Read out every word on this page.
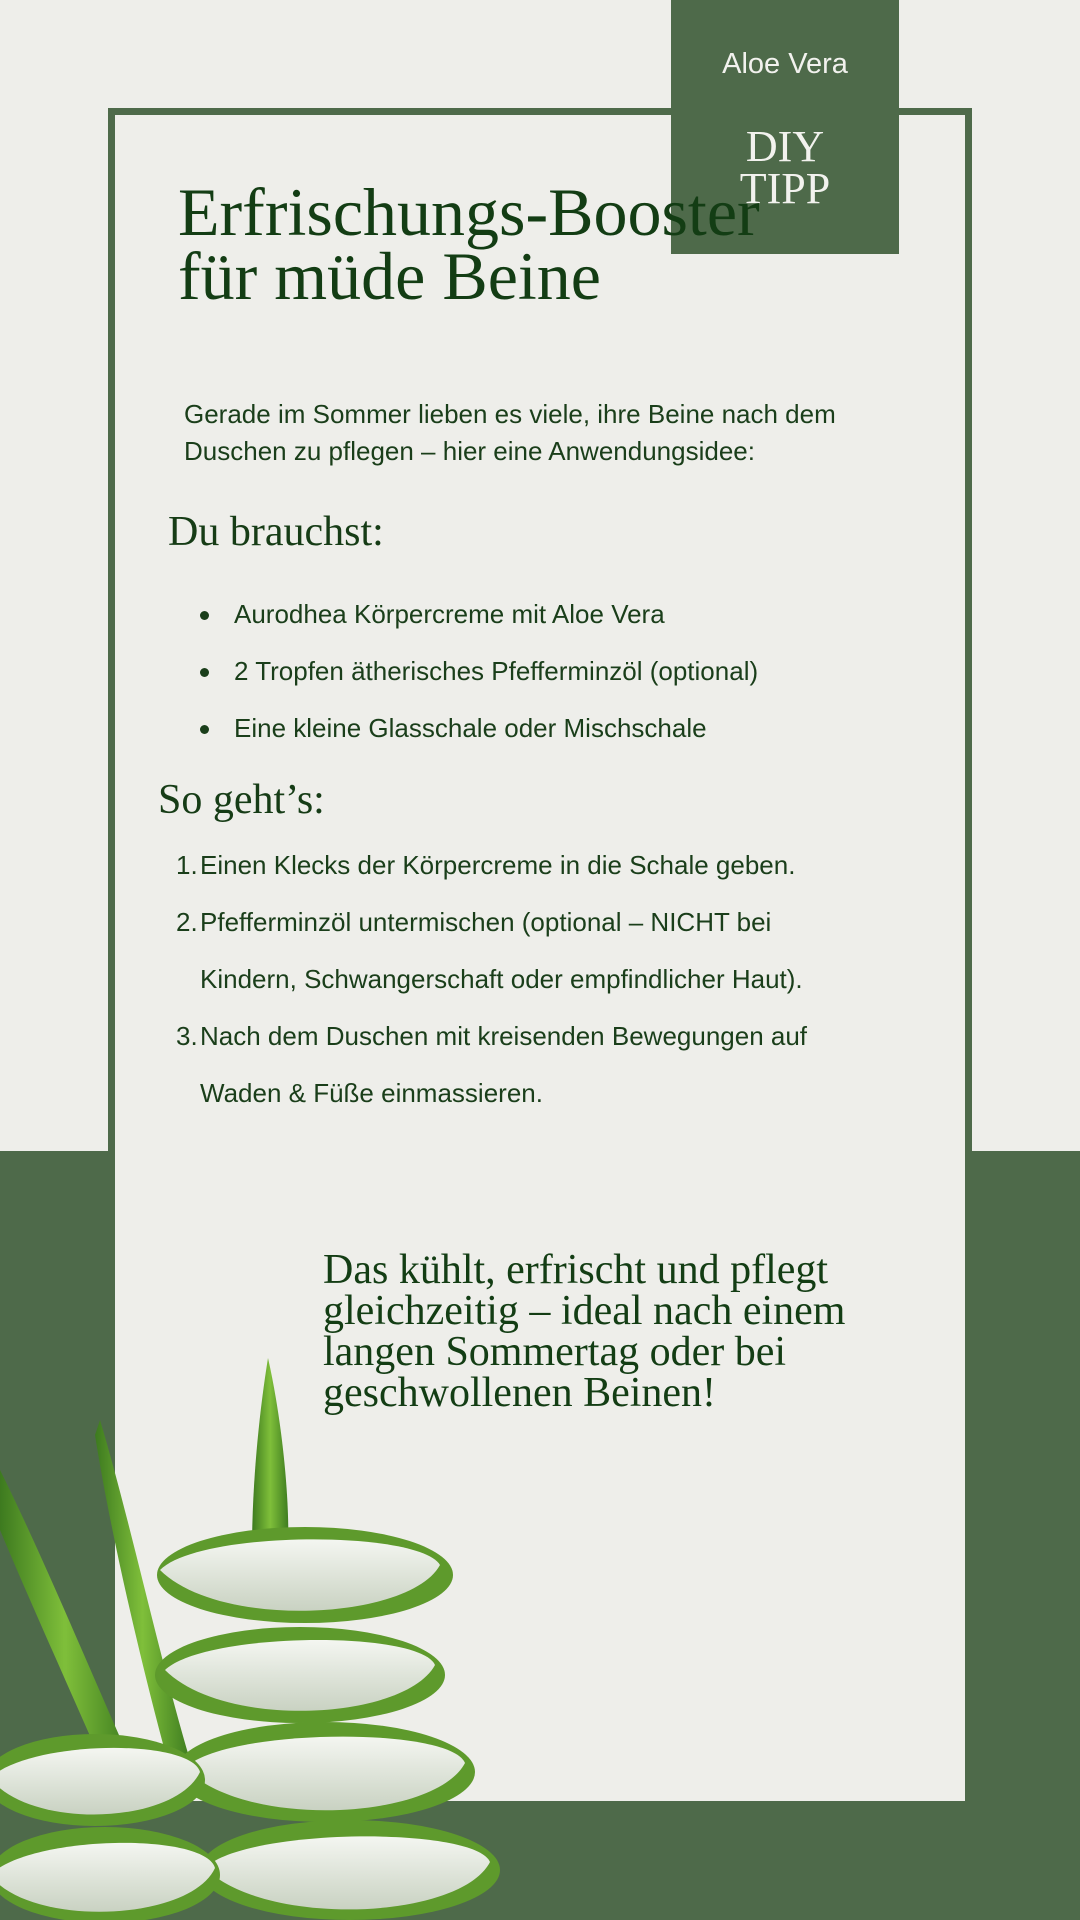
Aloe Vera
DIY
TIPP
Erfrischungs-Booster für müde Beine
Gerade im Sommer lieben es viele, ihre Beine nach dem Duschen zu pflegen – hier eine Anwendungsidee:
Du brauchst:
Aurodhea Körpercreme mit Aloe Vera
2 Tropfen ätherisches Pfefferminzöl (optional)
Eine kleine Glasschale oder Mischschale
So geht’s:
1. Einen Klecks der Körpercreme in die Schale geben.
2. Pfefferminzöl untermischen (optional – NICHT bei Kindern, Schwangerschaft oder empfindlicher Haut).
3. Nach dem Duschen mit kreisenden Bewegungen auf Waden & Füße einmassieren.
Das kühlt, erfrischt und pflegt gleichzeitig – ideal nach einem langen Sommertag oder bei geschwollenen Beinen!
